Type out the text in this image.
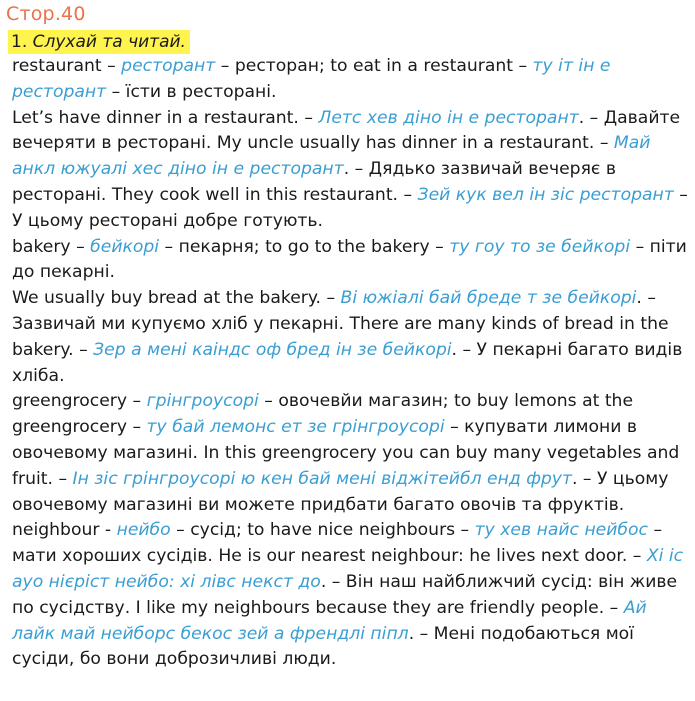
Стор.40
1. Слухай та читай.

restaurant – ресторант – ресторан; to eat in a restaurant – ту іт ін е ресторант – їсти в ресторані.

Let’s have dinner in a restaurant. – Летс хев діно ін е ресторант. – Давайте вечеряти в ресторані. My uncle usually has dinner in a restaurant. – Май анкл южуалі хес діно ін е ресторант. – Дядько зазвичай вечеряє в ресторані. They cook well in this restaurant. – Зей кук вел ін зіс ресторант – У цьому ресторані добре готують.

bakery – бейкорі – пекарня; to go to the bakery – ту гоу то зе бейкорі – піти до пекарні.

We usually buy bread at the bakery. – Ві южіалі бай бреде т зе бейкорі. – Зазвичай ми купуємо хліб у пекарні. There are many kinds of bread in the bakery. – Зер а мені каіндс оф бред ін зе бейкорі. – У пекарні багато видів хліба.

greengrocery – грінгроусорі – овочевйи магазин; to buy lemons at the greengrocery – ту бай лемонс ет зе грінгроусорі – купувати лимони в овочевому магазині. In this greengrocery you can buy many vegetables and fruit. – Ін зіс грінгроусорі ю кен бай мені віджітейбл енд фрут. – У цьому овочевому магазині ви можете придбати багато овочів та фруктів.

neighbour - нейбо – сусід; to have nice neighbours – ту хев найс нейбос – мати хороших сусідів. He is our nearest neighbour: he lives next door. – Хі іс ауо нієріст нейбо: хі лівс некст до. – Він наш найближчий сусід: він живе по сусідству. I like my neighbours because they are friendly people. – Ай лайк май нейборс бекос зей а френдлі піпл. – Мені подобаються мої сусіди, бо вони доброзичливі люди.
